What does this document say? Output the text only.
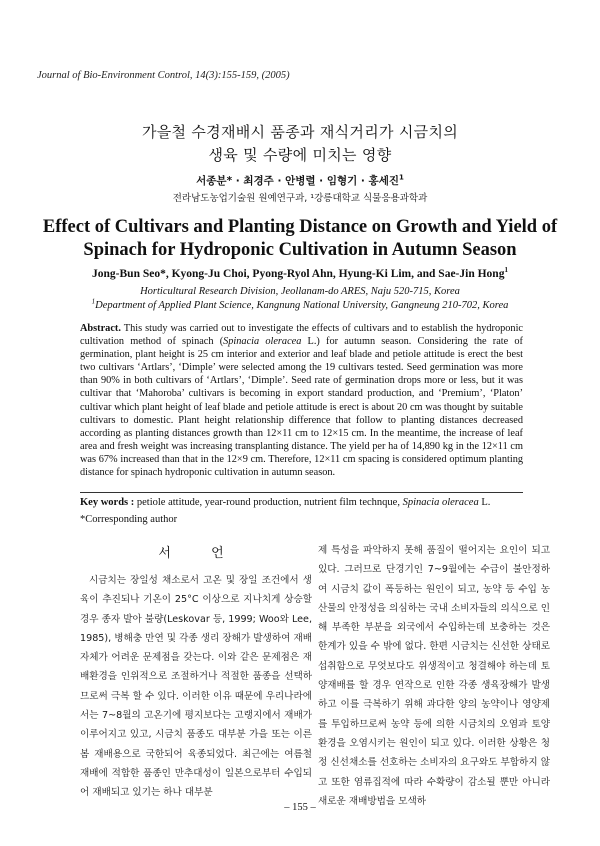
Journal of Bio-Environment Control, 14(3):155-159, (2005)
가을철 수경재배시 품종과 재식거리가 시금치의
생육 및 수량에 미치는 영향
서종분* · 최경주 · 안병렬 · 임형기 · 홍세진$^1$
전라남도농업기술원 원예연구과, ¹강릉대학교 식물응용과학과
Effect of Cultivars and Planting Distance on Growth and Yield of
Spinach for Hydroponic Cultivation in Autumn Season
Jong-Bun Seo*, Kyong-Ju Choi, Pyong-Ryol Ahn, Hyung-Ki Lim, and Sae-Jin Hong$^1$
Horticultural Research Division, Jeollanam-do ARES, Naju 520-715, Korea
$^1$Department of Applied Plant Science, Kangnung National University, Gangneung 210-702, Korea
Abstract. This study was carried out to investigate the effects of cultivars and to establish the hydroponic cultivation method of spinach (Spinacia oleracea L.) for autumn season. Considering the rate of germination, plant height is 25 cm interior and exterior and leaf blade and petiole attitude is erect the best two cultivars ‘Artlars’, ‘Dimple’ were selected among the 19 cultivars tested. Seed germination was more than 90% in both cultivars of ‘Artlars’, ‘Dimple’. Seed rate of germination drops more or less, but it was cultivar that ‘Mahoroba’ cultivars is becoming in export standard production, and ‘Premium’, ‘Platon’ cultivar which plant height of leaf blade and petiole attitude is erect is about 20 cm was thought by suitable cultivars to domestic. Plant height relationship difference that follow to planting distances decreased according as planting distances growth than 12×11 cm to 12×15 cm. In the meantime, the increase of leaf area and fresh weight was increasing transplanting distance. The yield per ha of 14,890 kg in the 12×11 cm was 67% increased than that in the 12×9 cm. Therefore, 12×11 cm spacing is considered optimum planting distance for spinach hydroponic cultivation in autumn season.
Key words : petiole attitude, year-round production, nutrient film technque, Spinacia oleracea L.
*Corresponding author
서 언

시금치는 장일성 채소로서 고온 및 장일 조건에서 생육이 추진되나 기온이 25°C 이상으로 지나치게 상승할 경우 종자 발아 불량(Leskovar 등, 1999; Woo와 Lee, 1985), 병해충 만연 및 각종 생리 장해가 발생하여 재배자체가 어려운 문제점을 갖는다. 이와 같은 문제점은 재배환경을 인위적으로 조절하거나 적절한 품종을 선택하므로써 극복 할 수 있다. 이러한 이유 때문에 우리나라에서는 7~8월의 고온기에 평지보다는 고랭지에서 재배가 이루어지고 있고, 시금치 품종도 대부분 가을 또는 이른 봄 재배용으로 국한되어 육종되었다. 최근에는 여름철 재배에 적합한 품종인 만추대성이 일본으로부터 수입되어 재배되고 있기는 하나 대부분

제 특성을 파악하지 못해 품질이 떨어지는 요인이 되고 있다. 그러므로 단경기인 7~9월에는 수급이 불안정하여 시금치 값이 폭등하는 원인이 되고, 농약 등 수입 농산물의 안정성을 의심하는 국내 소비자들의 의식으로 인해 부족한 부분을 외국에서 수입하는데 보충하는 것은 한계가 있을 수 밖에 없다. 한편 시금치는 신선한 상태로 섭취함으로 무엇보다도 위생적이고 청결해야 하는데 토양재배를 할 경우 연작으로 인한 각종 생육장해가 발생하고 이를 극복하기 위해 과다한 양의 농약이나 영양제를 투입하므로써 농약 등에 의한 시금치의 오염과 토양환경을 오염시키는 원인이 되고 있다. 이러한 상황은 청정 신선채소를 선호하는 소비자의 요구와도 부합하지 않고 또한 염류집적에 따라 수확량이 감소될 뿐만 아니라 새로운 재배방법을 모색하

– 155 –
